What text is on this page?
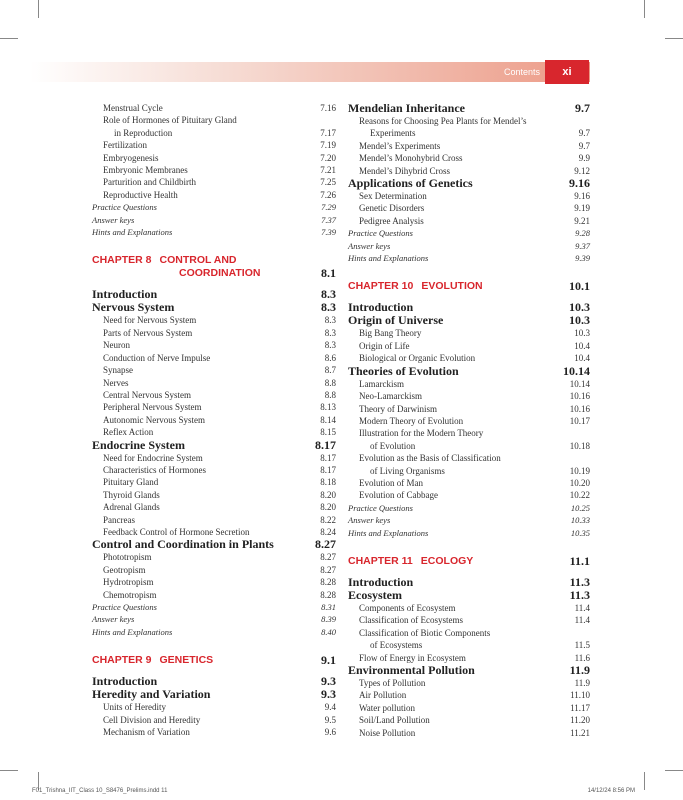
Contents	xi
Menstrual Cycle	7.16
Role of Hormones of Pituitary Gland
in Reproduction	7.17
Fertilization	7.19
Embryogenesis	7.20
Embryonic Membranes	7.21
Parturition and Childbirth	7.25
Reproductive Health	7.26
Practice Questions	7.29
Answer keys	7.37
Hints and Explanations	7.39
CHAPTER 8 CONTROL AND
COORDINATION	8.1
Introduction	8.3
Nervous System	8.3
Need for Nervous System	8.3
Parts of Nervous System	8.3
Neuron	8.3
Conduction of Nerve Impulse	8.6
Synapse	8.7
Nerves	8.8
Central Nervous System	8.8
Peripheral Nervous System	8.13
Autonomic Nervous System	8.14
Reflex Action	8.15
Endocrine System	8.17
Need for Endocrine System	8.17
Characteristics of Hormones	8.17
Pituitary Gland	8.18
Thyroid Glands	8.20
Adrenal Glands	8.20
Pancreas	8.22
Feedback Control of Hormone Secretion	8.24
Control and Coordination in Plants	8.27
Phototropism	8.27
Geotropism	8.27
Hydrotropism	8.28
Chemotropism	8.28
Practice Questions	8.31
Answer keys	8.39
Hints and Explanations	8.40
CHAPTER 9 GENETICS	9.1
Introduction	9.3
Heredity and Variation	9.3
Units of Heredity	9.4
Cell Division and Heredity	9.5
Mechanism of Variation	9.6
Mendelian Inheritance	9.7
Reasons for Choosing Pea Plants for Mendel’s
Experiments	9.7
Mendel’s Experiments	9.7
Mendel’s Monohybrid Cross	9.9
Mendel’s Dihybrid Cross	9.12
Applications of Genetics	9.16
Sex Determination	9.16
Genetic Disorders	9.19
Pedigree Analysis	9.21
Practice Questions	9.28
Answer keys	9.37
Hints and Explanations	9.39
CHAPTER 10 EVOLUTION	10.1
Introduction	10.3
Origin of Universe	10.3
Big Bang Theory	10.3
Origin of Life	10.4
Biological or Organic Evolution	10.4
Theories of Evolution	10.14
Lamarckism	10.14
Neo-Lamarckism	10.16
Theory of Darwinism	10.16
Modern Theory of Evolution	10.17
Illustration for the Modern Theory
of Evolution	10.18
Evolution as the Basis of Classification
of Living Organisms	10.19
Evolution of Man	10.20
Evolution of Cabbage	10.22
Practice Questions	10.25
Answer keys	10.33
Hints and Explanations	10.35
CHAPTER 11 ECOLOGY	11.1
Introduction	11.3
Ecosystem	11.3
Components of Ecosystem	11.4
Classification of Ecosystems	11.4
Classification of Biotic Components
of Ecosystems	11.5
Flow of Energy in Ecosystem	11.6
Environmental Pollution	11.9
Types of Pollution	11.9
Air Pollution	11.10
Water pollution	11.17
Soil/Land Pollution	11.20
Noise Pollution	11.21
F01_Trishna_IIT_Class 10_S8476_Prelims.indd 11	14/12/24 8:56 PM
